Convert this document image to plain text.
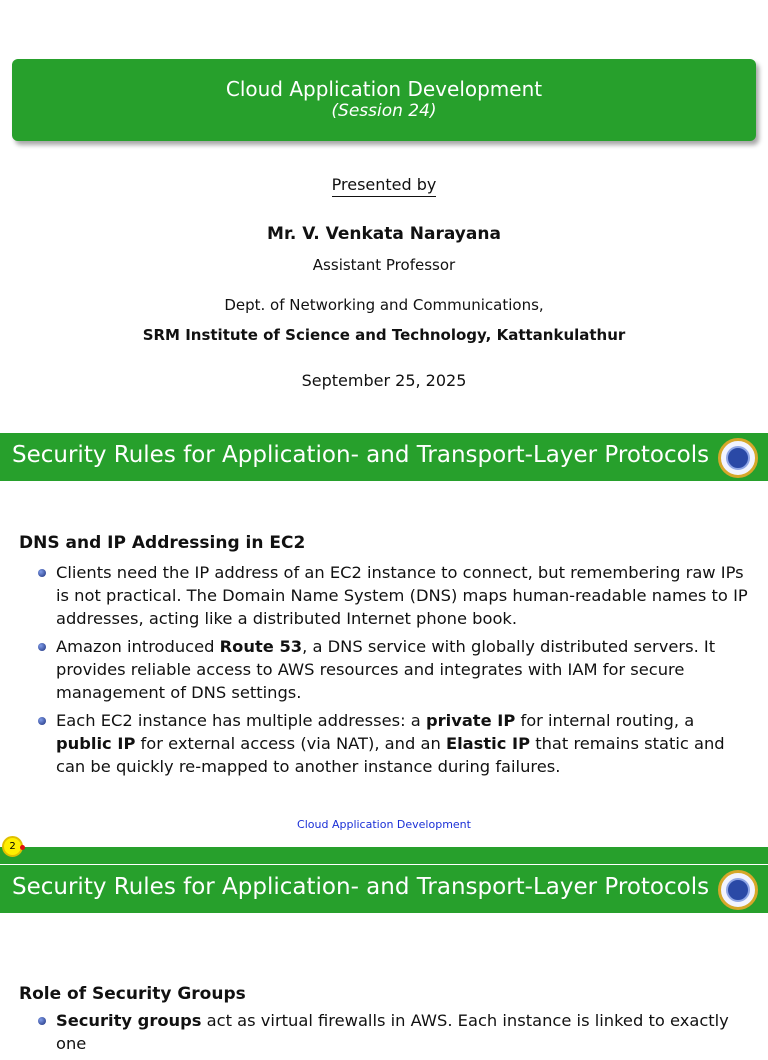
Cloud Application Development
(Session 24)
Presented by
Mr. V. Venkata Narayana
Assistant Professor
Dept. of Networking and Communications,
SRM Institute of Science and Technology, Kattankulathur
September 25, 2025
Security Rules for Application- and Transport-Layer Protocols
DNS and IP Addressing in EC2
Clients need the IP address of an EC2 instance to connect, but remembering raw IPs is not practical. The Domain Name System (DNS) maps human-readable names to IP addresses, acting like a distributed Internet phone book.
Amazon introduced Route 53, a DNS service with globally distributed servers. It provides reliable access to AWS resources and integrates with IAM for secure management of DNS settings.
Each EC2 instance has multiple addresses: a private IP for internal routing, a public IP for external access (via NAT), and an Elastic IP that remains static and can be quickly re-mapped to another instance during failures.
Cloud Application Development
2
Security Rules for Application- and Transport-Layer Protocols
Role of Security Groups
Security groups act as virtual firewalls in AWS. Each instance is linked to exactly one
